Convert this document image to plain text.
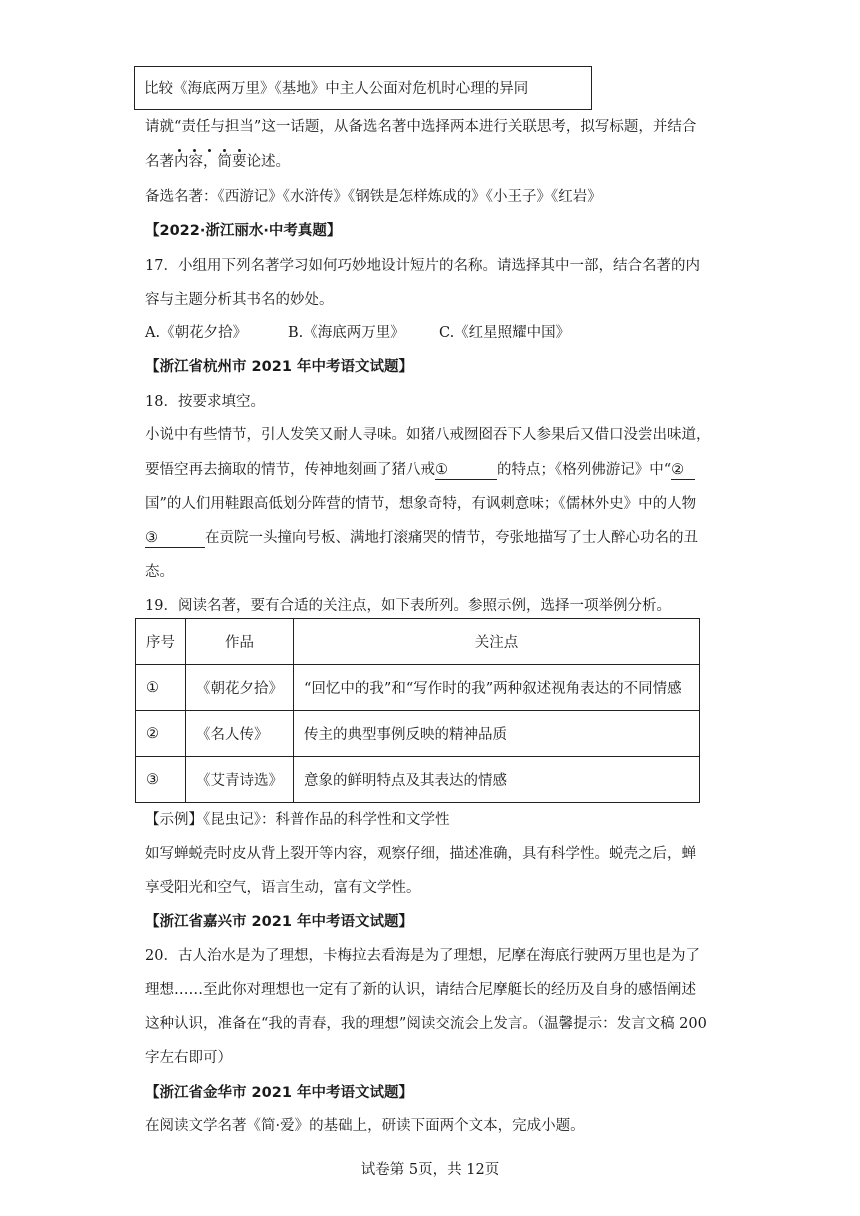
比较《海底两万里》《基地》中主人公面对危机时心理的异同
请就“责任与担当”
这一话题，从备选名著中选择两本进行关联思考，拟写标题，并结合
名著内容，简要论述。
备选名著：《西游记》《水浒传》《钢铁是怎样炼成的》《小王子》《红岩》
【2022·浙江丽水·中考真题】
17．小组用下列名著学习如何巧妙地设计短片的名称。请选择其中一部，结合名著的内
容与主题分析其书名的妙处。
A.《朝花夕拾》	B.《海底两万里》 C.《红星照耀中国》
【浙江省杭州市 2021 年中考语文试题】
18．按要求填空。
小说中有些情节，引人发笑又耐人寻味。如猪八戒囫囵吞下人参果后又借口没尝出味道，
要悟空再去摘取的情节，传神地刻画了猪八戒①	的特点；《格列佛游记》中“②
国”的人们用鞋跟高低划分阵营的情节，想象奇特，有讽刺意味；《儒林外史》中的人物
③	在贡院一头撞向号板、满地打滚痛哭的情节，夸张地描写了士人醉心功名的丑
态。
19．阅读名著，要有合适的关注点，如下表所列。参照示例，选择一项举例分析。
序号	作品	关注点
①	《朝花夕拾》	“回忆中的我”和“写作时的我”两种叙述视角表达的不同情感
②	《名人传》	传主的典型事例反映的精神品质
③	《艾青诗选》	意象的鲜明特点及其表达的情感
【示例】《昆虫记》：科普作品的科学性和文学性
如写蝉蜕壳时皮从背上裂开等内容，观察仔细，描述准确，具有科学性。蜕壳之后，蝉
享受阳光和空气，语言生动，富有文学性。
【浙江省嘉兴市 2021 年中考语文试题】
20．古人治水是为了理想，卡梅拉去看海是为了理想，尼摩在海底行驶两万里也是为了
理想……至此你对理想也一定有了新的认识，请结合尼摩艇长的经历及自身的感悟阐述
这种认识，准备在“我的青春，我的理想”阅读交流会上发言。（温馨提示：发言文稿 200
字左右即可）
【浙江省金华市 2021 年中考语文试题】
在阅读文学名著《简·爱》的基础上，研读下面两个文本，完成小题。
试卷第 5页，共 12页
